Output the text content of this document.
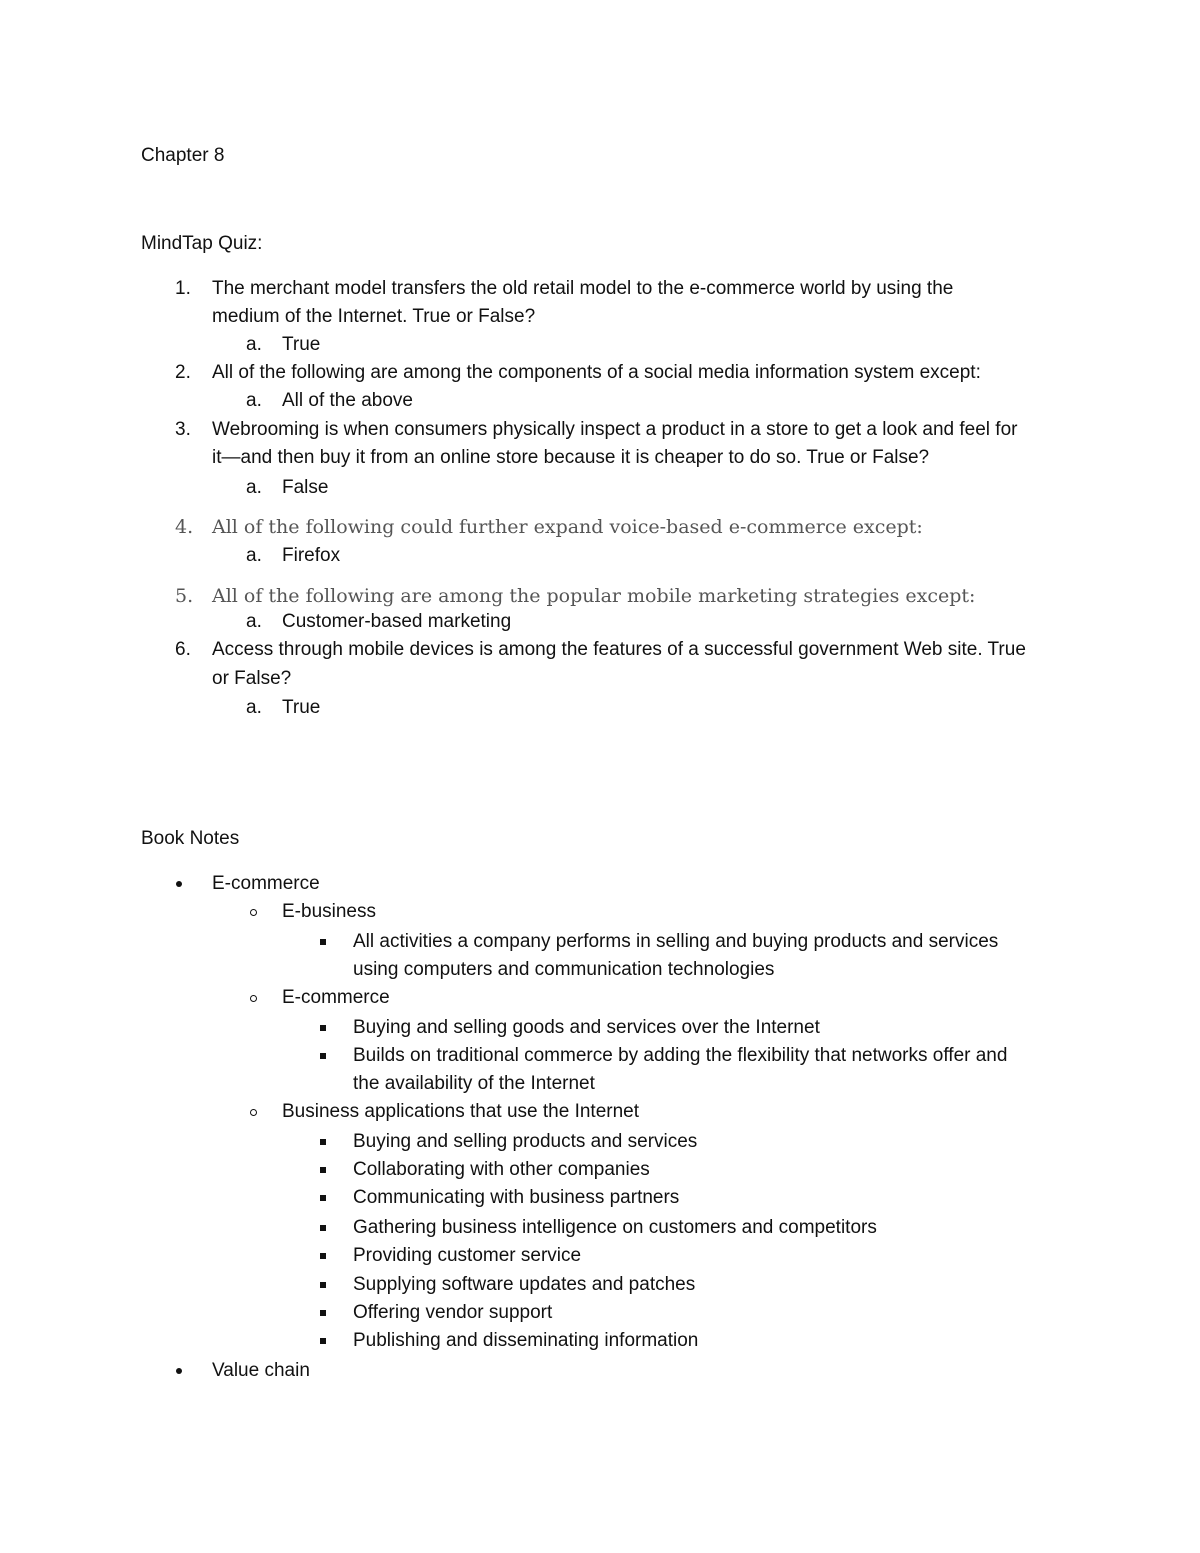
Chapter 8
MindTap Quiz:
1. The merchant model transfers the old retail model to the e-commerce world by using the
medium of the Internet. True or False?
a. True
2. All of the following are among the components of a social media information system except:
a. All of the above
3. Webrooming is when consumers physically inspect a product in a store to get a look and feel for
it—and then buy it from an online store because it is cheaper to do so. True or False?
a. False
4. All of the following could further expand voice-based e-commerce except:
a. Firefox
5. All of the following are among the popular mobile marketing strategies except:
a. Customer-based marketing
6. Access through mobile devices is among the features of a successful government Web site. True
or False?
a. True
Book Notes
E-commerce
E-business
All activities a company performs in selling and buying products and services
using computers and communication technologies
E-commerce
Buying and selling goods and services over the Internet
Builds on traditional commerce by adding the flexibility that networks offer and
the availability of the Internet
Business applications that use the Internet
Buying and selling products and services
Collaborating with other companies
Communicating with business partners
Gathering business intelligence on customers and competitors
Providing customer service
Supplying software updates and patches
Offering vendor support
Publishing and disseminating information
Value chain
